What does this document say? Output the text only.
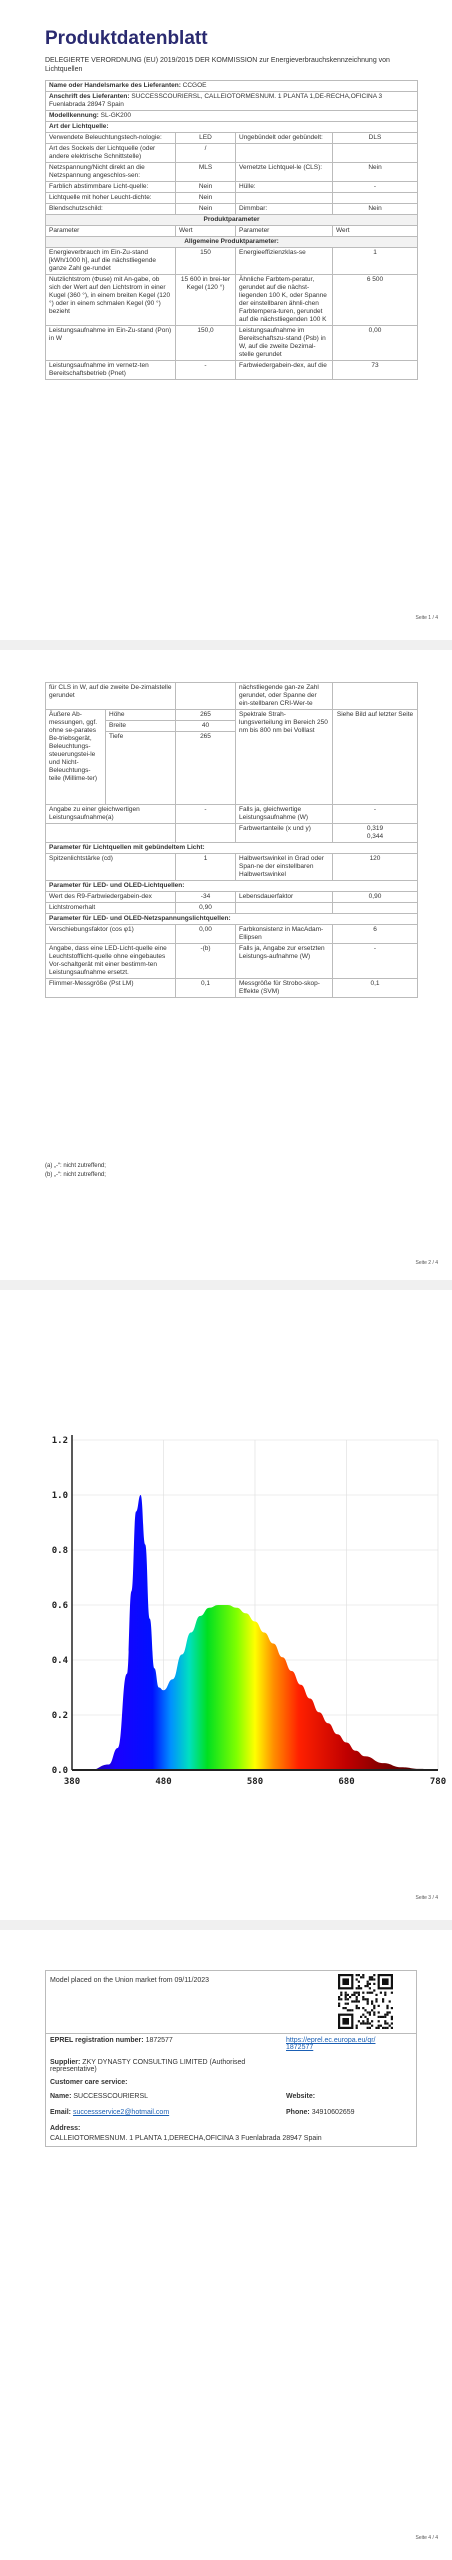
Produktdatenblatt
DELEGIERTE VERORDNUNG (EU) 2019/2015 DER KOMMISSION zur Energieverbrauchskennzeichnung von Lichtquellen
Name oder Handelsmarke des Lieferanten: CCGOE			
Anschrift des Lieferanten: SUCCESSCOURIERSL, CALLEIOTORMESNUM. 1 PLANTA 1,DE-RECHA,OFICINA 3 Fuenlabrada 28947 Spain			
Modellkennung: SL-GK200			
Art der Lichtquelle:			
Verwendete Beleuchtungstech-nologie:	LED	Ungebündelt oder gebündelt:	DLS
Art des Sockels der Lichtquelle (oder andere elektrische Schnittstelle)	/		
Netzspannung/Nicht direkt an die Netzspannung angeschlos-sen:	MLS	Vernetzte Lichtquel-le (CLS):	Nein
Farblich abstimmbare Licht-quelle:	Nein	Hülle:	-
Lichtquelle mit hoher Leucht-dichte:	Nein		
Blendschutzschild:	Nein	Dimmbar:	Nein
Produktparameter			
Parameter	Wert	Parameter	Wert
Allgemeine Produktparameter:			
Energieverbrauch im Ein-Zu-stand [kWh/1000 h], auf die nächstliegende ganze Zahl ge-rundet	150	Energieeffizienzklas-se	1
Nutzlichtstrom (Φuse) mit An-gabe, ob sich der Wert auf den Lichtstrom in einer Kugel (360 °), in einem breiten Kegel (120 °) oder in einem schmalen Kegel (90 °) bezieht	15 600 in brei-ter Kegel (120 °)	Ähnliche Farbtem-peratur, gerundet auf die nächst-liegenden 100 K, oder Spanne der einstellbaren ähnli-chen Farbtempera-turen, gerundet auf die nächstliegenden 100 K	6 500
Leistungsaufnahme im Ein-Zu-stand (Pon) in W	150,0	Leistungsaufnahme im Bereitschaftszu-stand (Psb) in W, auf die zweite Dezimal-stelle gerundet	0,00
Leistungsaufnahme im vernetz-ten Bereitschaftsbetrieb (Pnet)	-	Farbwiedergabein-dex, auf die	73
Seite 1 / 4
für CLS in W, auf die zweite De-zimalstelle gerundet			nächstliegende gan-ze Zahl gerundet, oder Spanne der ein-stellbaren CRI-Wer-te	
Äußere Ab-messungen, ggf. ohne se-parates Be-triebsgerät, Beleuchtungs-steuerungstei-le und Nicht-Beleuchtungs-teile (Millime-ter)	Höhe	265	Spektrale Strah-lungsverteilung im Bereich 250 nm bis 800 nm bei Volllast	Siehe Bild auf letzter Seite
	Breite	40		
	Tiefe	265		
Angabe zu einer gleichwertigen Leistungsaufnahme(a)		-	Falls ja, gleichwertige Leistungsaufnahme (W)	-
			Farbwertanteile (x und y)	0,319
0,344
Parameter für Lichtquellen mit gebündeltem Licht:				
Spitzenlichtstärke (cd)		1	Halbwertswinkel in Grad oder Span-ne der einstellbaren Halbwertswinkel	120
Parameter für LED- und OLED-Lichtquellen:				
Wert des R9-Farbwiedergabein-dex		-34	Lebensdauerfaktor	0,90
Lichtstromerhalt		0,90		
Parameter für LED- und OLED-Netzspannungslichtquellen:				
Verschiebungsfaktor (cos φ1)		0,00	Farbkonsistenz in MacAdam-Ellipsen	6
Angabe, dass eine LED-Licht-quelle eine Leuchtstofflicht-quelle ohne eingebautes Vor-schaltgerät mit einer bestimm-ten Leistungsaufnahme ersetzt.		-(b)	Falls ja, Angabe zur ersetzten Leistungs-aufnahme (W)	-
Flimmer-Messgröße (Pst LM)		0,1	Messgröße für Strobo-skop-Effekte (SVM)	0,1
(a) „-“: nicht zutreffend;
(b) „-“: nicht zutreffend;
Seite 2 / 4
380	480	580	680	780
0.0
0.2
0.4
0.6
0.8
1.0
1.2
Seite 3 / 4
Model placed on the Union market from 09/11/2023
EPREL registration number: 1872577	https://eprel.ec.europa.eu/qr/1872577
Supplier: ZKY DYNASTY CONSULTING LIMITED (Authorised representative)
Customer care service:
Name: SUCCESSCOURIERSL	Website:
Email: successservice2@hotmail.com	Phone: 34910602659
Address:
CALLEIOTORMESNUM. 1 PLANTA 1,DERECHA,OFICINA 3 Fuenlabrada 28947 Spain
Seite 4 / 4
